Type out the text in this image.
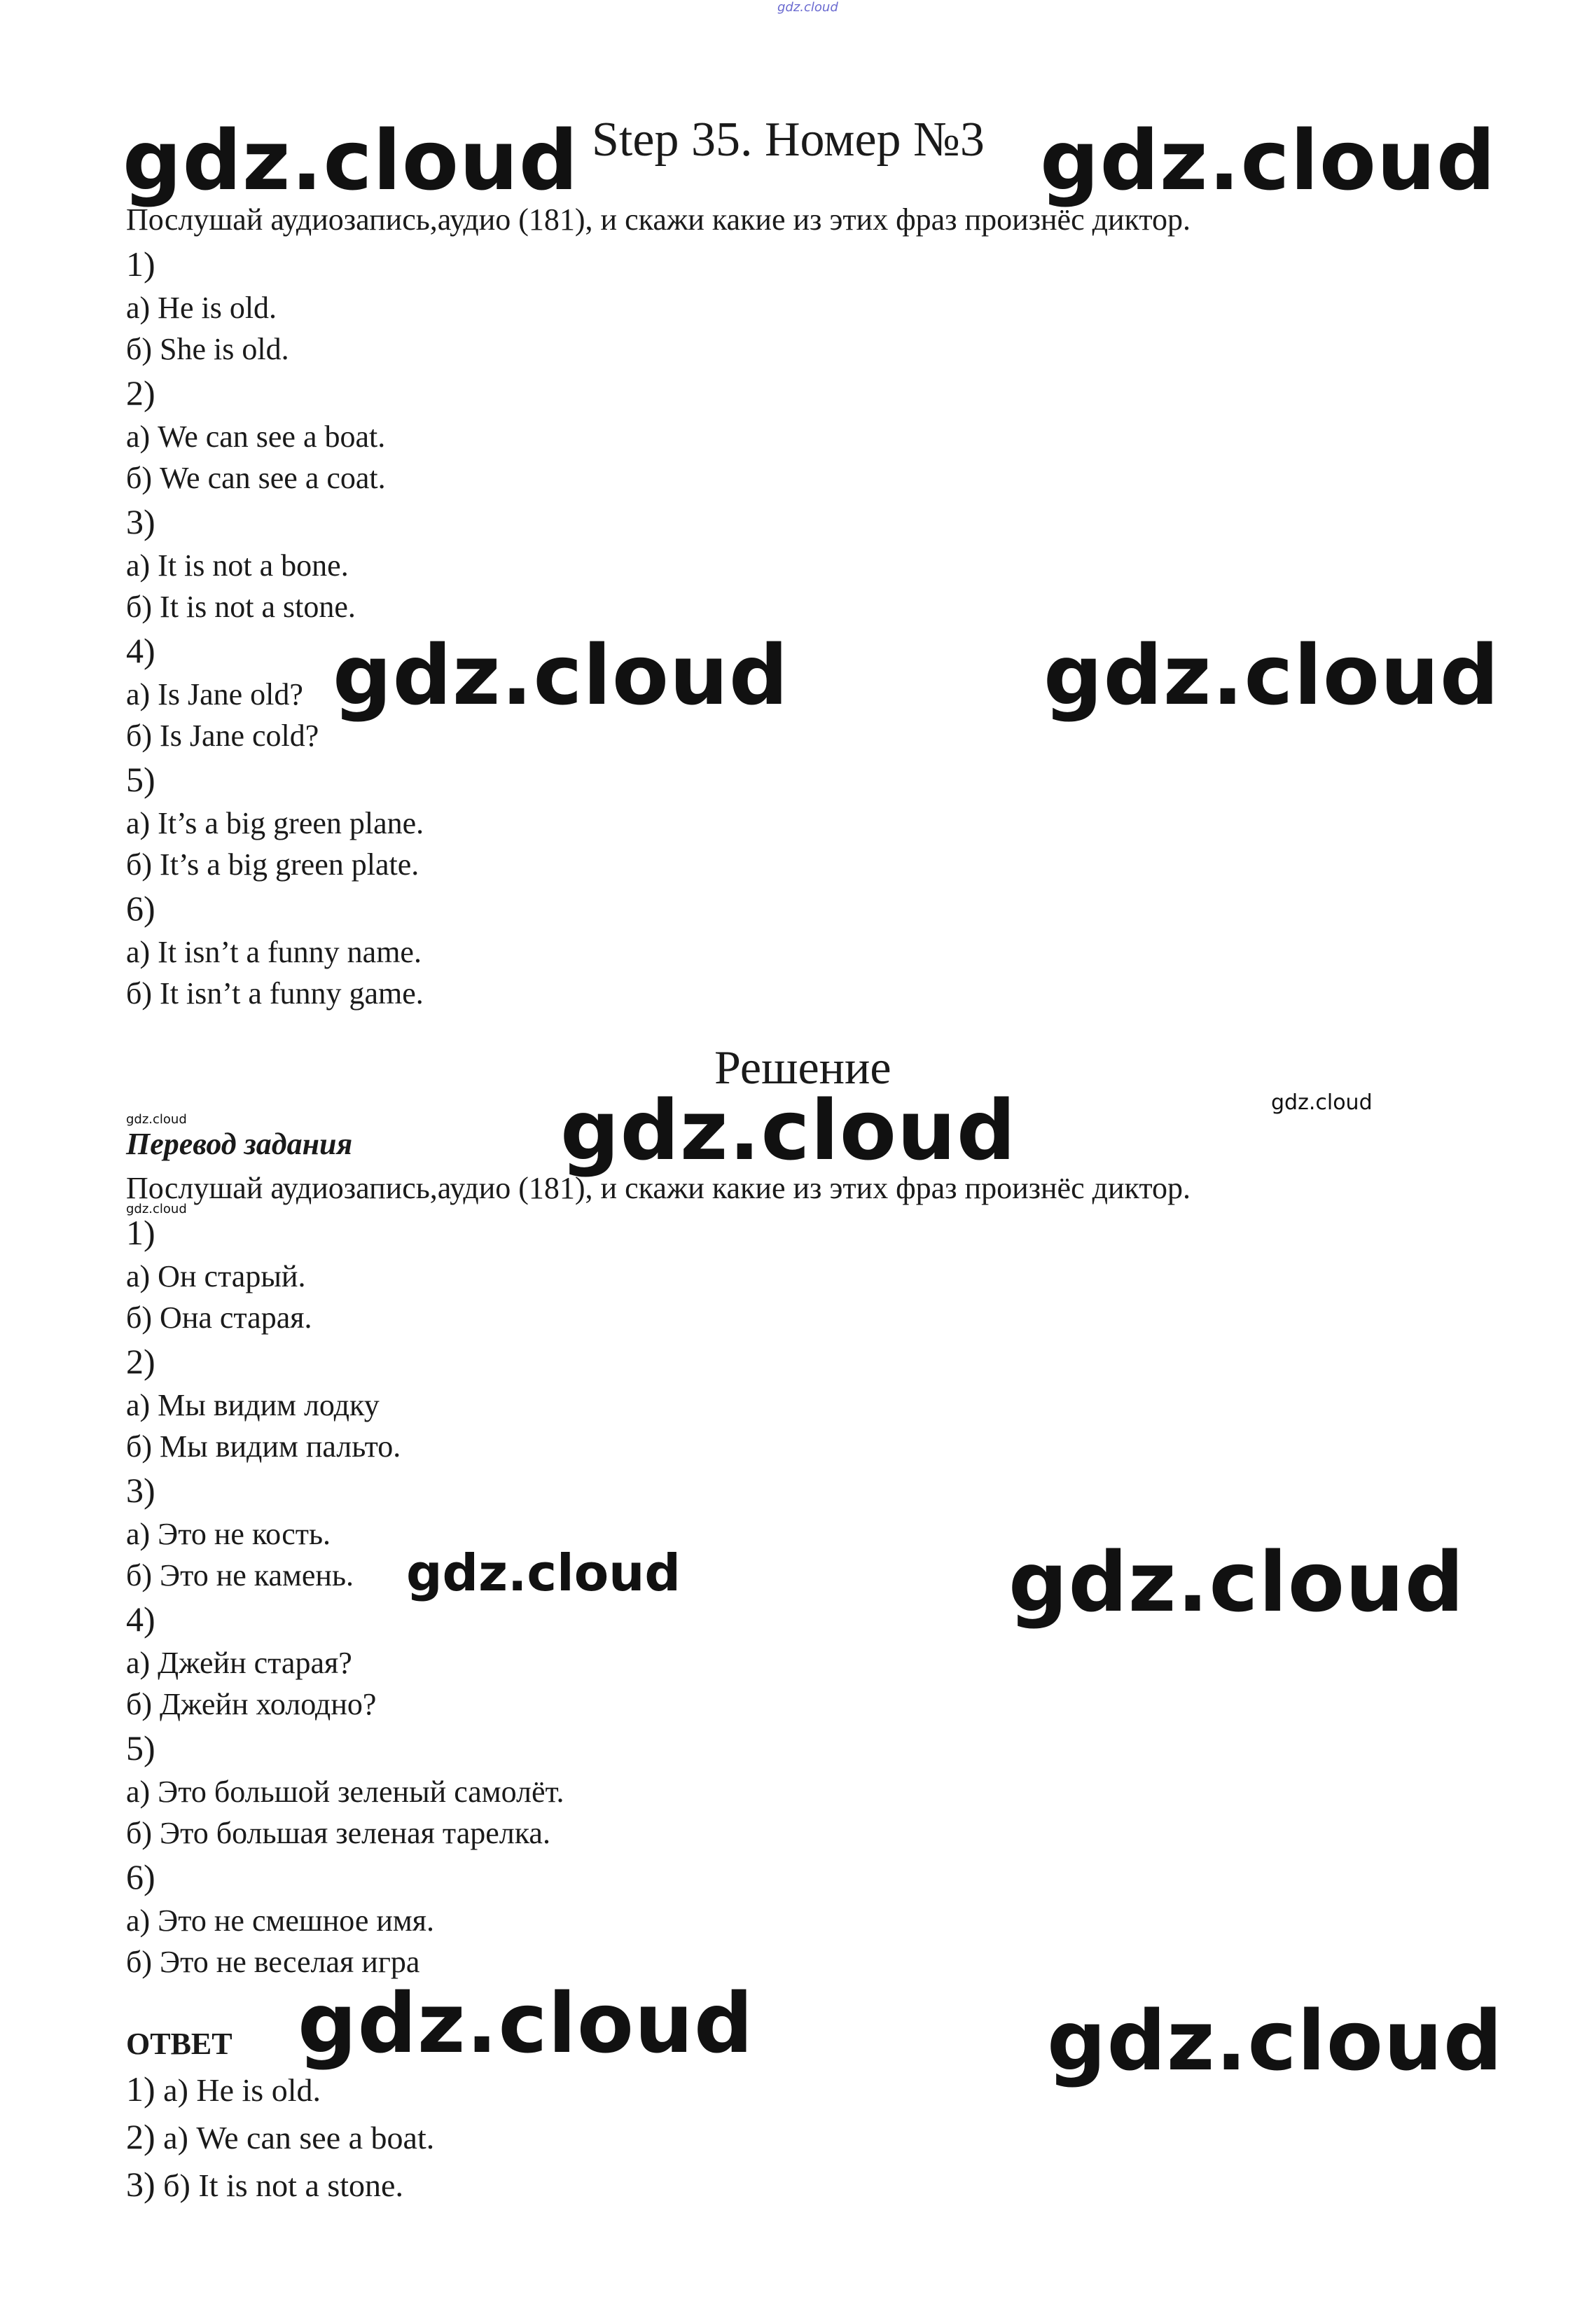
gdz.cloud
Step 35. Номер №3
gdz.cloud	gdz.cloud
gdz.cloud	gdz.cloud
gdz.cloud
gdz.cloud	gdz.cloud
gdz.cloud	gdz.cloud
gdz.cloud
gdz.cloud
gdz.cloud
Послушай аудиозапись,аудио (181), и скажи какие из этих фраз произнёс диктор.
1)
а) He is old.
б) She is old.
2)
а) We can see a boat.
б) We can see a coat.
3)
а) It is not a bone.
б) It is not a stone.
4)
а) Is Jane old?
б) Is Jane cold?
5)
а) It’s a big green plane.
б) It’s a big green plate.
6)
а) It isn’t a funny name.
б) It isn’t a funny game.
Решение
Перевод задания
Послушай аудиозапись,аудио (181), и скажи какие из этих фраз произнёс диктор.
1)
а) Он старый.
б) Она старая.
2)
а) Мы видим лодку
б) Мы видим пальто.
3)
а) Это не кость.
б) Это не камень.
4)
а) Джейн старая?
б) Джейн холодно?
5)
а) Это большой зеленый самолёт.
б) Это большая зеленая тарелка.
6)
а) Это не смешное имя.
б) Это не веселая игра
ОТВЕТ
1) а) He is old.
2) а) We can see a boat.
3) б) It is not a stone.
